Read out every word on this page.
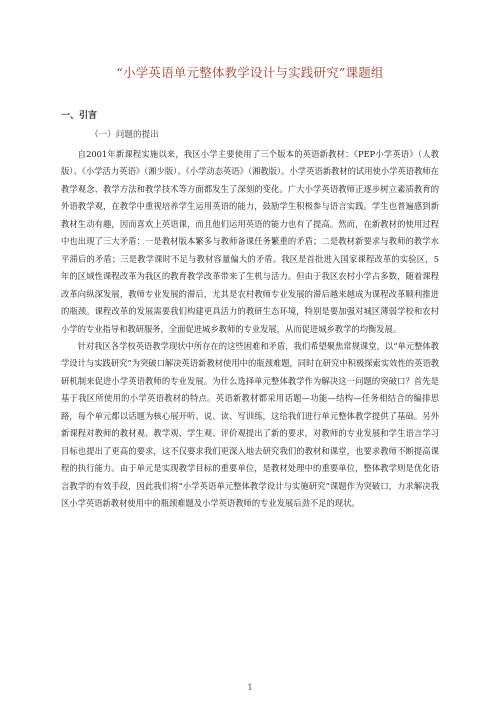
“小学英语单元整体教学设计与实践研究”课题组
一、引言
（一）问题的提出

自2001年新课程实施以来，我区小学主要使用了三个版本的英语新教材：《PEP小学英语》（人教版）、《小学活力英语》（湘少版）、《小学动态英语》（湘教版）。小学英语新教材的试用使小学英语教师在教学观念、教学方法和教学技术等方面都发生了深刻的变化。广大小学英语教师正逐步树立素质教育的外语教学观，在教学中重视培养学生运用英语的能力，鼓励学生积极参与语言实践。学生也普遍感到新教材生动有趣，因而喜欢上英语课，而且他们运用英语的能力也有了提高。然而，在新教材的使用过程中也出现了三大矛盾：一是教材版本繁多与教师备课任务繁重的矛盾；二是教材新要求与教师的教学水平滞后的矛盾；三是教学课时不足与教材容量偏大的矛盾。我区是首批进入国家课程改革的实验区，5年的区域性课程改革为我区的教育教学改革带来了生机与活力。但由于我区农村小学占多数，随着课程改革向纵深发展，教师专业发展的滞后，尤其是农村教师专业发展的滞后越来越成为课程改革顺利推进的瓶颈。课程改革的发展需要我们构建更具活力的教研生态环境，特别是要加强对城区薄弱学校和农村小学的专业指导和教研服务，全面促进城乡教师的专业发展，从而促进城乡教学的均衡发展。

针对我区各学校英语教学现状中所存在的这些困难和矛盾，我们希望聚焦常规课堂，以“单元整体教学设计与实践研究”为突破口解决英语新教材使用中的瓶颈难题，同时在研究中积极探索实效性的英语教研机制来促进小学英语教师的专业发展。为什么选择单元整体教学作为解决这一问题的突破口？首先是基于我区所使用的小学英语教材的特点。英语新教材都采用话题—功能—结构—任务相结合的编排思路，每个单元都以话题为核心展开听、说、读、写训练，这给我们进行单元整体教学提供了基础。另外新课程对教师的教材观、教学观、学生观、评价观提出了新的要求，对教师的专业发展和学生语言学习目标也提出了更高的要求，这不仅要求我们更深入地去研究我们的教材和课堂，也要求教师不断提高课程的执行能力。由于单元是实现教学目标的重要单位，是教材处理中的重要单位，整体教学则是优化语言教学的有效手段，因此我们将“小学英语单元整体教学设计与实施研究”课题作为突破口，力求解决我区小学英语新教材使用中的瓶颈难题及小学英语教师的专业发展后劲不足的现状。

1
